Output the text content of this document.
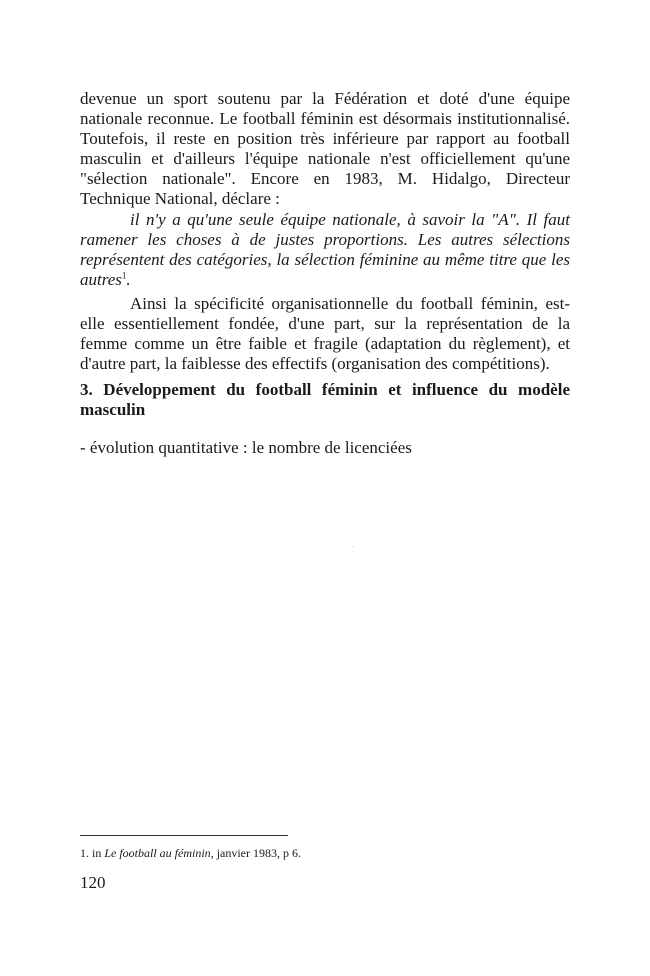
devenue un sport soutenu par la Fédération et doté d'une équipe nationale reconnue. Le football féminin est désormais institutionnalisé. Toutefois, il reste en position très inférieure par rapport au football masculin et d'ailleurs l'équipe nationale n'est officiellement qu'une "sélection nationale". Encore en 1983, M. Hidalgo, Directeur Technique National, déclare :

il n'y a qu'une seule équipe nationale, à savoir la "A". Il faut ramener les choses à de justes proportions. Les autres sélections représentent des catégories, la sélection féminine au même titre que les autres$^1$.

Ainsi la spécificité organisationnelle du football féminin, est-elle essentiellement fondée, d'une part, sur la représentation de la femme comme un être faible et fragile (adaptation du règlement), et d'autre part, la faiblesse des effectifs (organisation des compétitions).

3. Développement du football féminin et influence du modèle masculin

- évolution quantitative : le nombre de licenciées

1. in Le football au féminin, janvier 1983, p 6.

120
